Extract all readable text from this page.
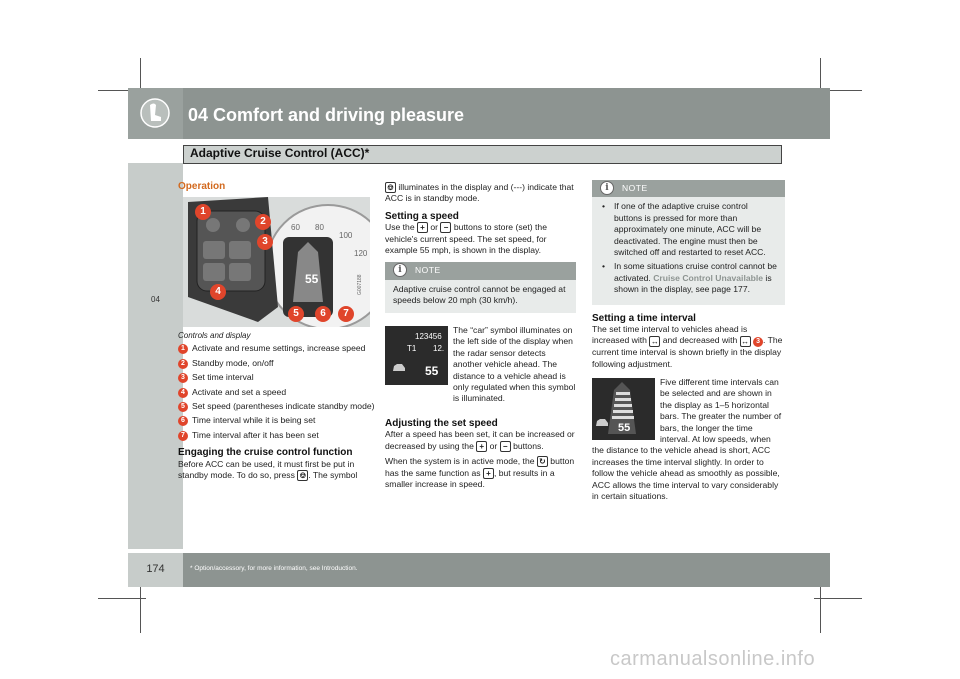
04 Comfort and driving pleasure
Adaptive Cruise Control (ACC)*
04
Operation
60 80
100
120
55	G007188
1
2
3
4
5	6	7
Controls and display
1 Activate and resume settings, increase speed
2 Standby mode, on/off
3 Set time interval
4 Activate and set a speed
5 Set speed (parentheses indicate standby mode)
6 Time interval while it is being set
7 Time interval after it has been set
Engaging the cruise control function

Before ACC can be used, it must first be put in standby mode. To do so, press ⎊ . The symbol

⎊ illuminates in the display and (---) indicate that ACC is in standby mode.

Setting a speed

Use the + or − buttons to store (set) the vehicle's current speed. The set speed, for example 55 mph, is shown in the display.

NOTE
i
Adaptive cruise control cannot be engaged at speeds below 20 mph (30 km/h).
123456
T1 12.
55

The “car” symbol illuminates on the left side of the display when the radar sensor detects another vehicle ahead. The distance to a vehicle ahead is only regulated when this symbol is illuminated.

Adjusting the set speed

After a speed has been set, it can be increased or decreased by using the + or − buttons.

When the system is in active mode, the ↻ button has the same function as + , but results in a smaller increase in speed.

NOTE
i
• If one of the adaptive cruise control buttons is pressed for more than approximately one minute, ACC will be deactivated. The engine must then be switched off and restarted to reset ACC.
• In some situations cruise control cannot be activated. Cruise Control Unavailable is shown in the display, see page 177.
Setting a time interval

The set time interval to vehicles ahead is increased with ↔ and decreased with ↔ 3 . The current time interval is shown briefly in the display following adjustment.

55

Five different time intervals can be selected and are shown in the display as 1–5 horizontal bars. The greater the number of bars, the longer the time interval. At low speeds, when the distance to the vehicle ahead is short, ACC increases the time interval slightly. In order to follow the vehicle ahead as smoothly as possible, ACC allows the time interval to vary considerably in certain situations.

174	* Option/accessory, for more information, see Introduction.
carmanualsonline.info
